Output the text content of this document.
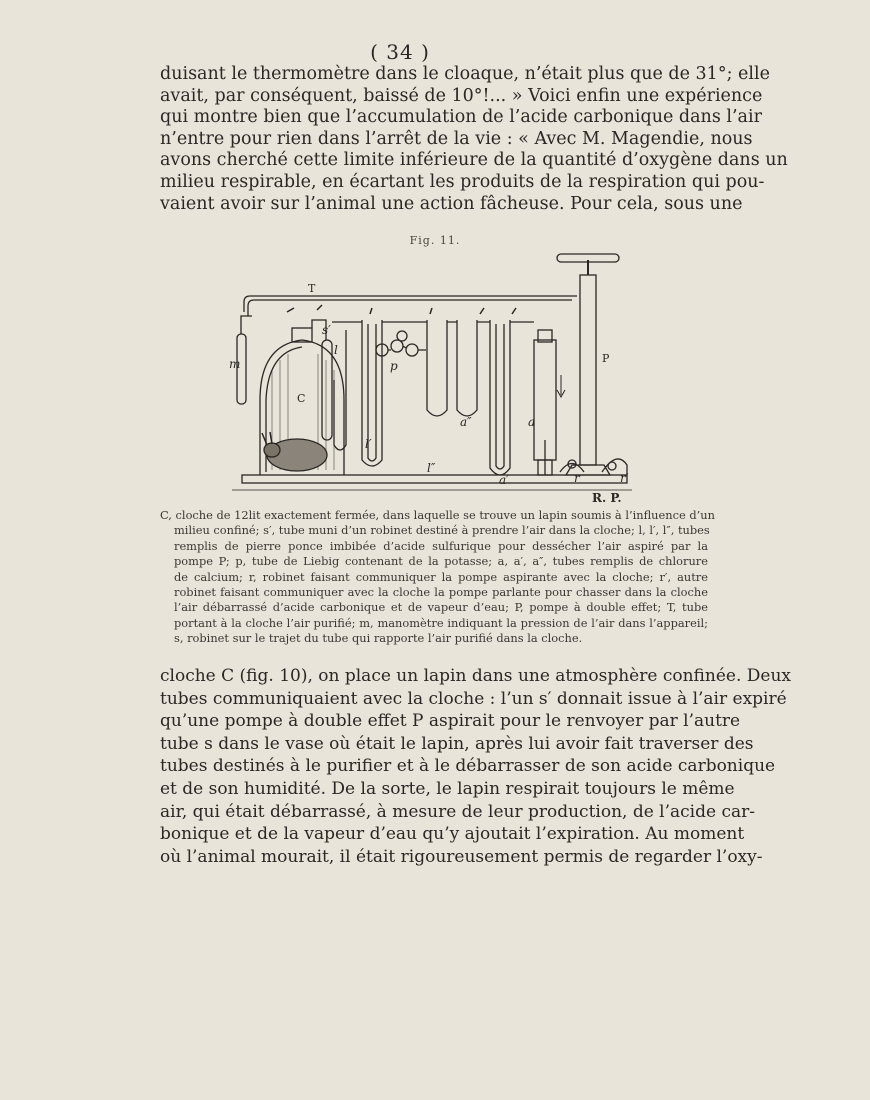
( 34 )
duisant le thermomètre dans le cloaque, n’était plus que de 31°; elle
avait, par conséquent, baissé de 10°!... » Voici enfin une expérience
qui montre bien que l’accumulation de l’acide carbonique dans l’air
n’entre pour rien dans l’arrêt de la vie : « Avec M. Magendie, nous
avons cherché cette limite inférieure de la quantité d’oxygène dans un
milieu respirable, en écartant les produits de la respiration qui pou-
vaient avoir sur l’animal une action fâcheuse. Pour cela, sous une
Fig. 11.
T
P
C
m
s′
l
l′
l″
p
a
a′
a″
r	r′
R. P.
C, cloche de 12lit exactement fermée, dans laquelle se trouve un lapin soumis à l’influence d’un
milieu confiné; s′, tube muni d’un robinet destiné à prendre l’air dans la cloche; l, l′, l″, tubes
remplis de pierre ponce imbibée d’acide sulfurique pour dessécher l’air aspiré par la
pompe P; p, tube de Liebig contenant de la potasse; a, a′, a″, tubes remplis de chlorure
de calcium; r, robinet faisant communiquer la pompe aspirante avec la cloche; r′, autre
robinet faisant communiquer avec la cloche la pompe parlante pour chasser dans la cloche
l’air débarrassé d’acide carbonique et de vapeur d’eau; P, pompe à double effet; T, tube
portant à la cloche l’air purifié; m, manomètre indiquant la pression de l’air dans l’appareil;
s, robinet sur le trajet du tube qui rapporte l’air purifié dans la cloche.
cloche C (fig. 10), on place un lapin dans une atmosphère confinée. Deux
tubes communiquaient avec la cloche : l’un s′ donnait issue à l’air expiré
qu’une pompe à double effet P aspirait pour le renvoyer par l’autre
tube s dans le vase où était le lapin, après lui avoir fait traverser des
tubes destinés à le purifier et à le débarrasser de son acide carbonique
et de son humidité. De la sorte, le lapin respirait toujours le même
air, qui était débarrassé, à mesure de leur production, de l’acide car-
bonique et de la vapeur d’eau qu’y ajoutait l’expiration. Au moment
où l’animal mourait, il était rigoureusement permis de regarder l’oxy-
